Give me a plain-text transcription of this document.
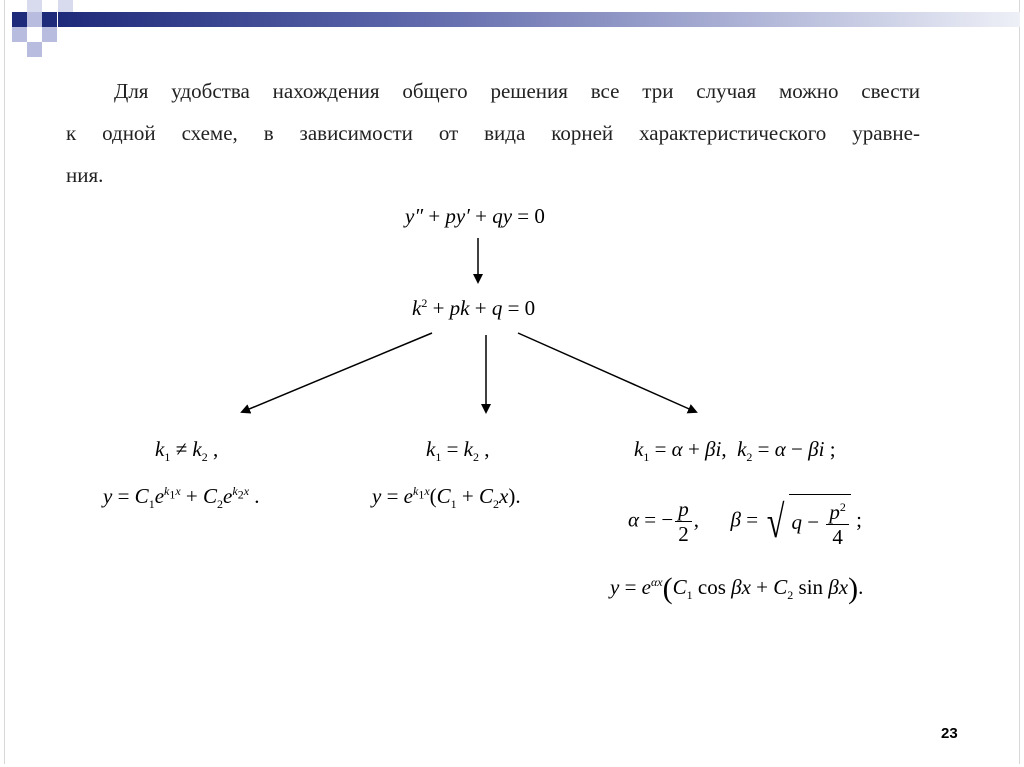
Для удобства нахождения общего решения все три случая можно свести
к одной схеме, в зависимости от вида корней характеристического уравне-
ния.

y″ + py′ + qy = 0
$k^2$ + pk + q = 0
$k_1 \ne k_2$ ,
$y = C_1e^{k_1x} + C_2e^{k_2x}$ .
$k_1 = k_2$ ,
$y = e^{k_1x}(C_1 + C_2x)$.
$k_1 = \alpha + \beta i$,  $k_2 = \alpha - \beta i$ ;
α = − $\frac{p}{2}$ ,      β = √ $q - \frac{p^2}{4}$ ;
$y = e^{\alpha x}(C_1$ $\cos \beta x + C_2$ sin βx).
23
